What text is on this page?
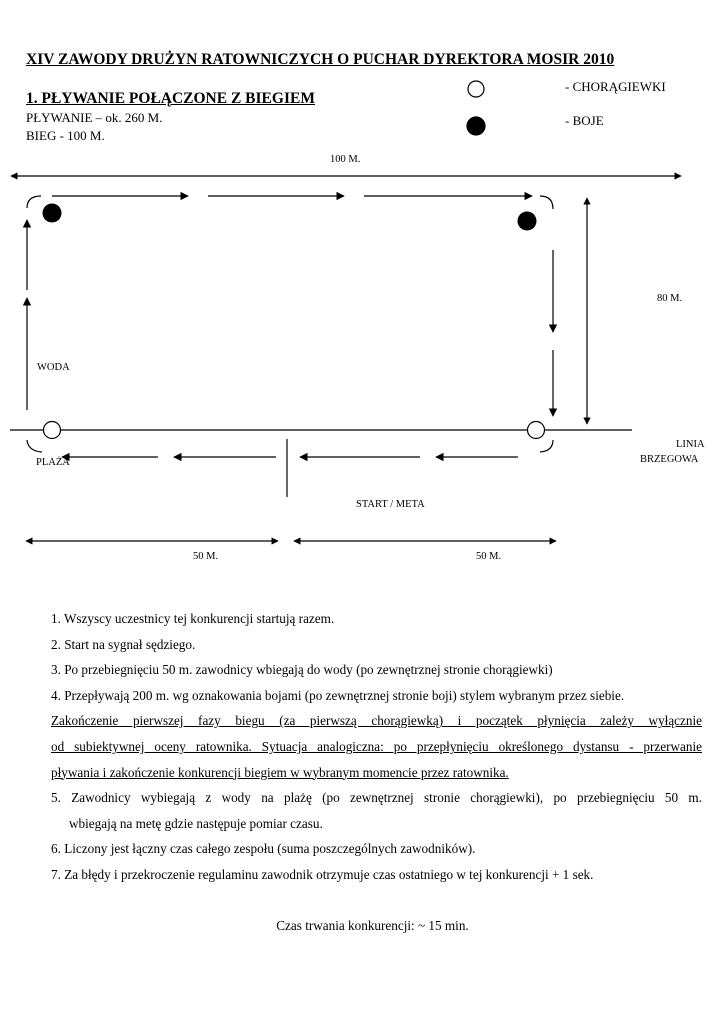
XIV ZAWODY DRUŻYN RATOWNICZYCH O PUCHAR DYREKTORA MOSIR 2010
1. PŁYWANIE POŁĄCZONE Z BIEGIEM
PŁYWANIE – ok. 260 M.
BIEG - 100 M.
- CHORĄGIEWKI
- BOJE
100 M.
80 M.
WODA
PLAŻA
LINIA
BRZEGOWA
START / META
50 M.	50 M.

1. Wszyscy uczestnicy tej konkurencji startują razem.

2. Start na sygnał sędziego.

3. Po przebiegnięciu 50 m. zawodnicy wbiegają do wody (po zewnętrznej stronie chorągiewki)

4. Przepływają 200 m. wg oznakowania bojami (po zewnętrznej stronie boji) stylem wybranym przez siebie.

Zakończenie pierwszej fazy biegu (za pierwszą chorągiewką) i początek płynięcia zależy wyłącznie

od subiektywnej oceny ratownika. Sytuacja analogiczna: po przepłynięciu określonego dystansu - przerwanie

pływania i zakończenie konkurencji biegiem w wybranym momencie przez ratownika.

5. Zawodnicy wybiegają z wody na plażę (po zewnętrznej stronie chorągiewki), po przebiegnięciu 50 m.

wbiegają na metę gdzie następuje pomiar czasu.

6. Liczony jest łączny czas całego zespołu (suma poszczególnych zawodników).

7. Za błędy i przekroczenie regulaminu zawodnik otrzymuje czas ostatniego w tej konkurencji + 1 sek.

Czas trwania konkurencji: ~ 15 min.
